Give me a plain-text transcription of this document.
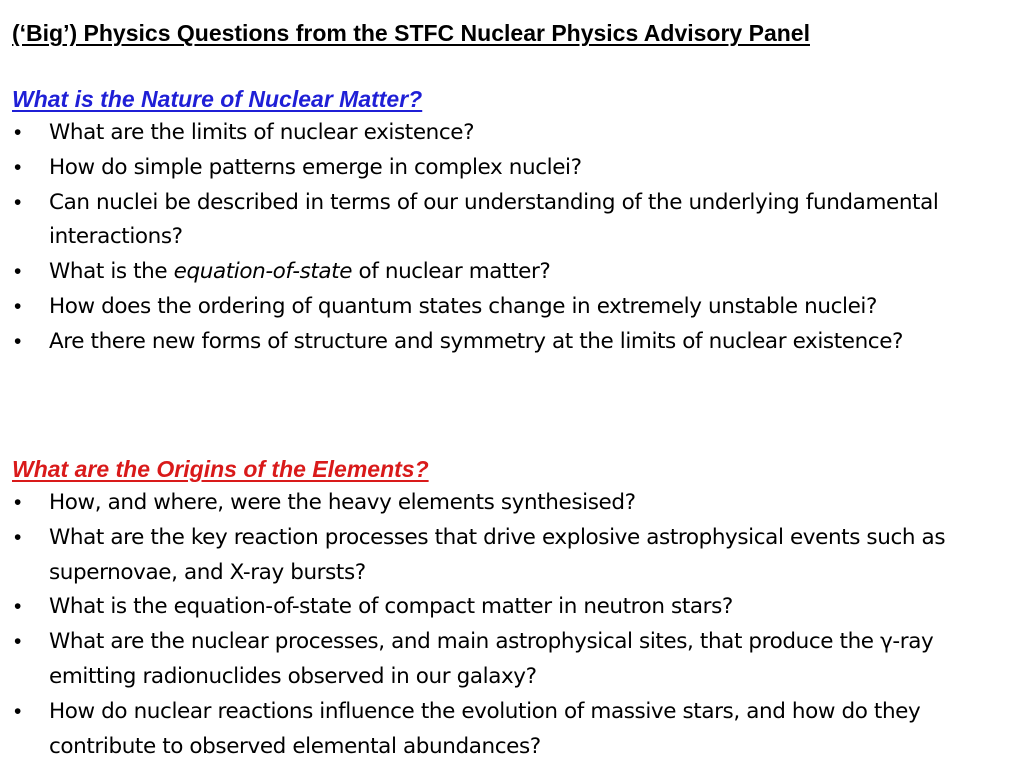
(‘Big’) Physics Questions from the STFC Nuclear Physics Advisory Panel
What is the Nature of Nuclear Matter?
• What are the limits of nuclear existence?
• How do simple patterns emerge in complex nuclei?
• Can nuclei be described in terms of our understanding of the underlying fundamental interactions?
• What is the equation-of-state of nuclear matter?
• How does the ordering of quantum states change in extremely unstable nuclei?
• Are there new forms of structure and symmetry at the limits of nuclear existence?
What are the Origins of the Elements?
• How, and where, were the heavy elements synthesised?
• What are the key reaction processes that drive explosive astrophysical events such as supernovae, and X-ray bursts?
• What is the equation-of-state of compact matter in neutron stars?
• What are the nuclear processes, and main astrophysical sites, that produce the γ-ray emitting radionuclides observed in our galaxy?
• How do nuclear reactions influence the evolution of massive stars, and how do they contribute to observed elemental abundances?
